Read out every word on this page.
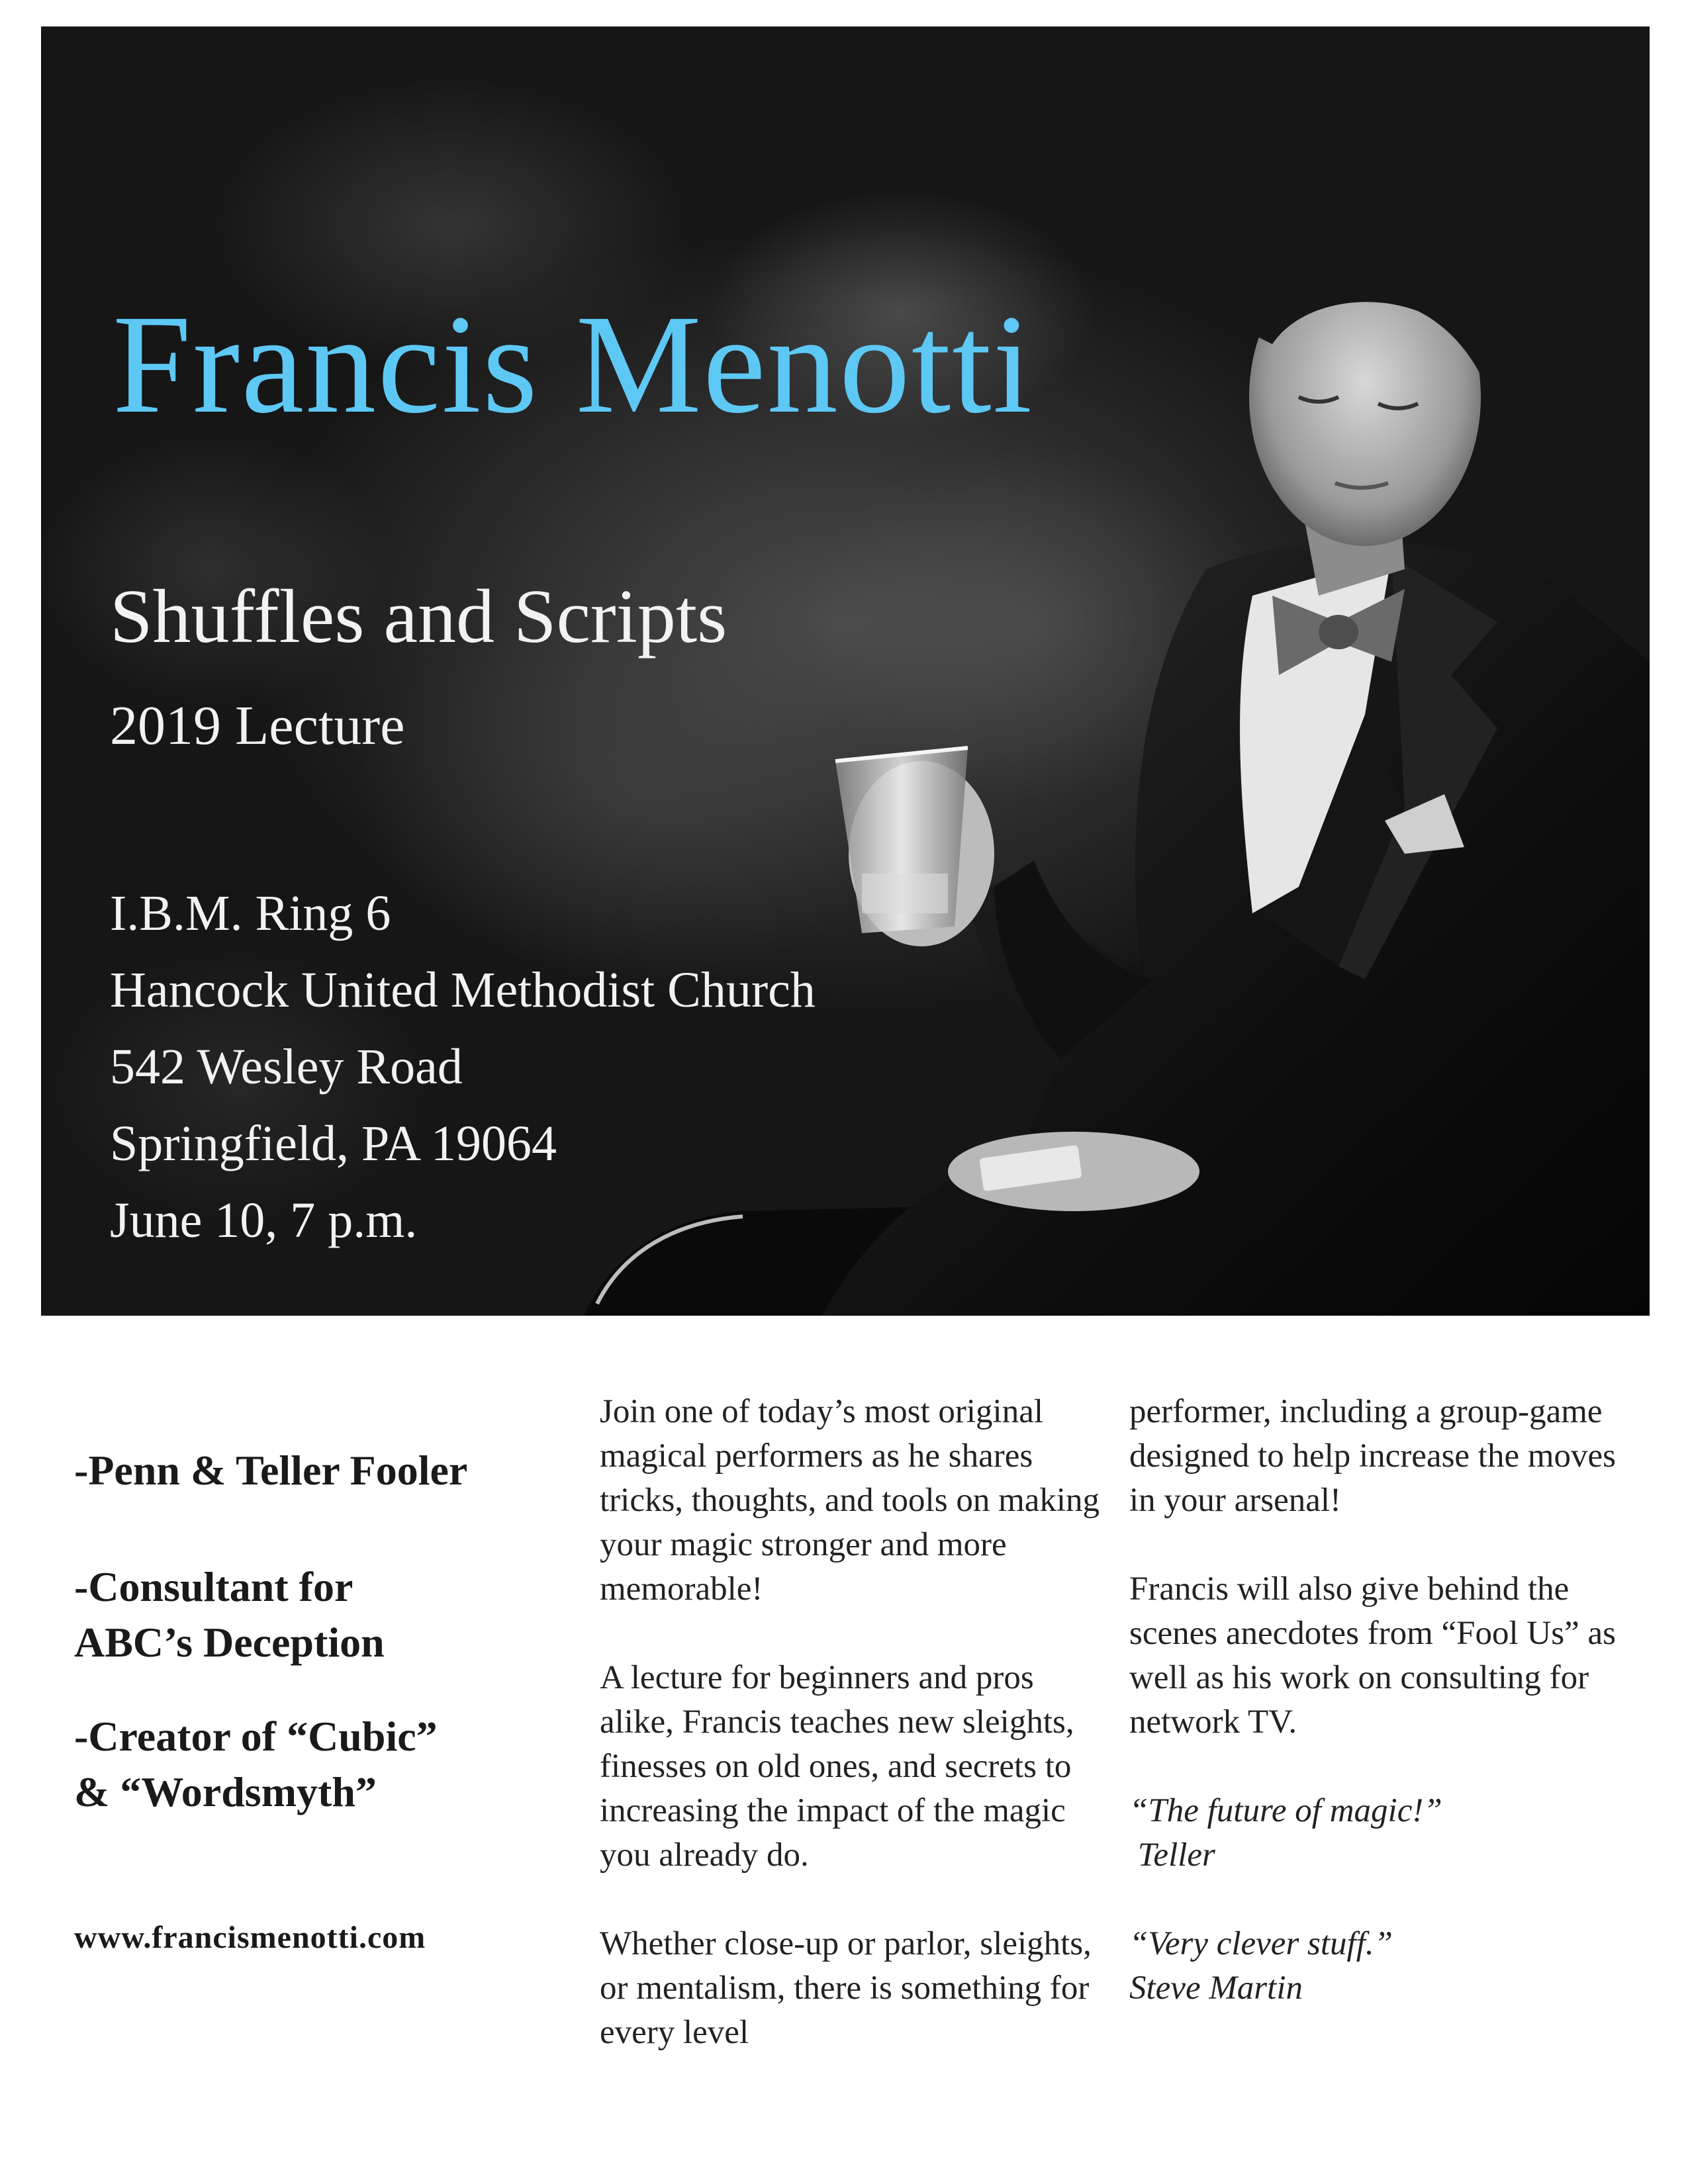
Francis Menotti
Shuffles and Scripts
2019 Lecture
I.B.M. Ring 6
Hancock United Methodist Church
542 Wesley Road
Springfield, PA 19064
June 10, 7 p.m.
-Penn & Teller Fooler
-Consultant for
ABC’s Deception
-Creator of “Cubic”
& “Wordsmyth”
www.francismenotti.com

Join one of today’s most original magical performers as he shares tricks, thoughts, and tools on making your magic stronger and more memorable!

A lecture for beginners and pros alike, Francis teaches new sleights, finesses on old ones, and secrets to increasing the impact of the magic you already do.

Whether close-up or parlor, sleights, or mentalism, there is something for every level

performer, including a group-game designed to help increase the moves in your arsenal!

Francis will also give behind the scenes anecdotes from “Fool Us” as well as his work on consulting for network TV.

“The future of magic!”
Teller
“Very clever stuff.”
Steve Martin
